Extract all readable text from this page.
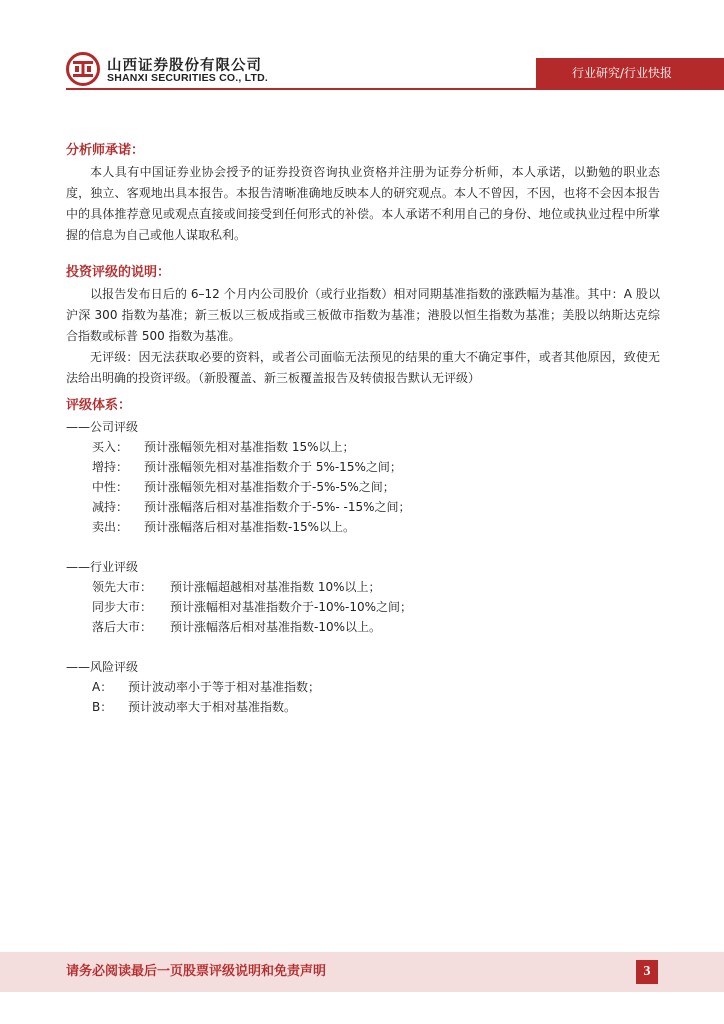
山西证券股份有限公司
SHANXI SECURITIES CO., LTD.	行业研究/行业快报
分析师承诺：

本人具有中国证券业协会授予的证券投资咨询执业资格并注册为证券分析师，本人承诺，以勤勉的职业态度，独立、客观地出具本报告。本报告清晰准确地反映本人的研究观点。本人不曾因，不因，也将不会因本报告中的具体推荐意见或观点直接或间接受到任何形式的补偿。本人承诺不利用自己的身份、地位或执业过程中所掌握的信息为自己或他人谋取私利。

投资评级的说明：

以报告发布日后的 6–12 个月内公司股价（或行业指数）相对同期基准指数的涨跌幅为基准。其中：A 股以沪深 300 指数为基准；新三板以三板成指或三板做市指数为基准；港股以恒生指数为基准；美股以纳斯达克综合指数或标普 500 指数为基准。

无评级：因无法获取必要的资料，或者公司面临无法预见的结果的重大不确定事件，或者其他原因，致使无法给出明确的投资评级。（新股覆盖、新三板覆盖报告及转债报告默认无评级）

评级体系：

——公司评级

买入：	预计涨幅领先相对基准指数 15%以上；
增持：	预计涨幅领先相对基准指数介于 5%-15%之间；
中性：	预计涨幅领先相对基准指数介于-5%-5%之间；
减持：	预计涨幅落后相对基准指数介于-5%- -15%之间；
卖出：	预计涨幅落后相对基准指数-15%以上。

——行业评级

领先大市：	预计涨幅超越相对基准指数 10%以上；
同步大市：	预计涨幅相对基准指数介于-10%-10%之间；
落后大市：	预计涨幅落后相对基准指数-10%以上。

——风险评级

A：	预计波动率小于等于相对基准指数；
B：	预计波动率大于相对基准指数。
请务必阅读最后一页股票评级说明和免责声明	3
